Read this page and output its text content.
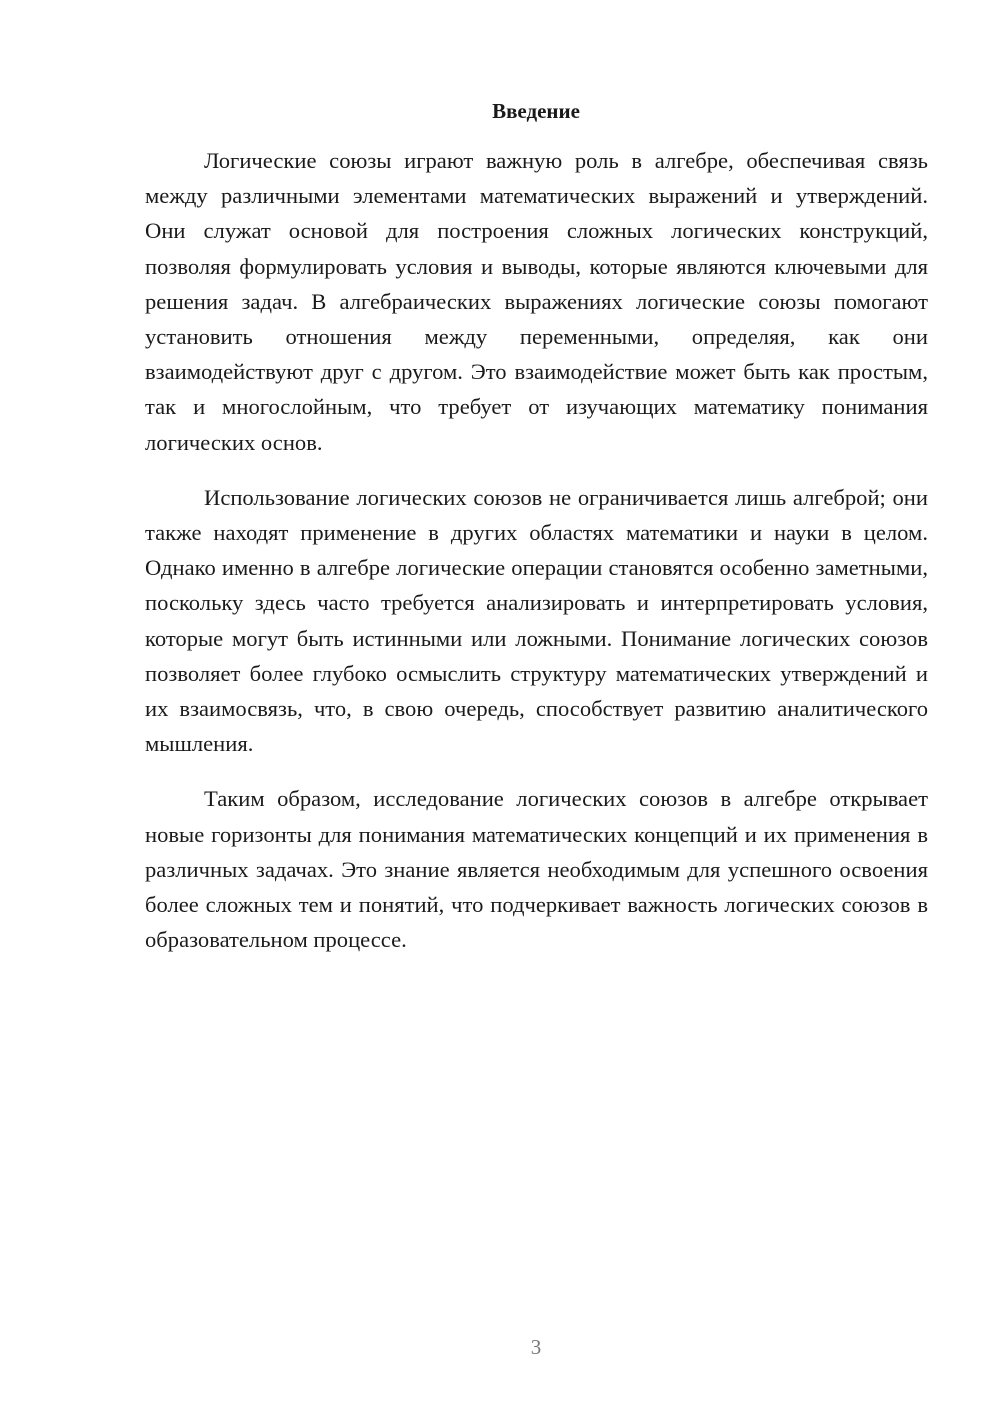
Введение

Логические союзы играют важную роль в алгебре, обеспечивая связь между различными элементами математических выражений и утверждений. Они служат основой для построения сложных логических конструкций, позволяя формулировать условия и выводы, которые являются ключевыми для решения задач. В алгебраических выражениях логические союзы помогают установить отношения между переменными, определяя, как они взаимодействуют друг с другом. Это взаимодействие может быть как простым, так и многослойным, что требует от изучающих математику понимания логических основ.

Использование логических союзов не ограничивается лишь алгеброй; они также находят применение в других областях математики и науки в целом. Однако именно в алгебре логические операции становятся особенно заметными, поскольку здесь часто требуется анализировать и интерпретировать условия, которые могут быть истинными или ложными. Понимание логических союзов позволяет более глубоко осмыслить структуру математических утверждений и их взаимосвязь, что, в свою очередь, способствует развитию аналитического мышления.

Таким образом, исследование логических союзов в алгебре открывает новые горизонты для понимания математических концепций и их применения в различных задачах. Это знание является необходимым для успешного освоения более сложных тем и понятий, что подчеркивает важность логических союзов в образовательном процессе.

3
